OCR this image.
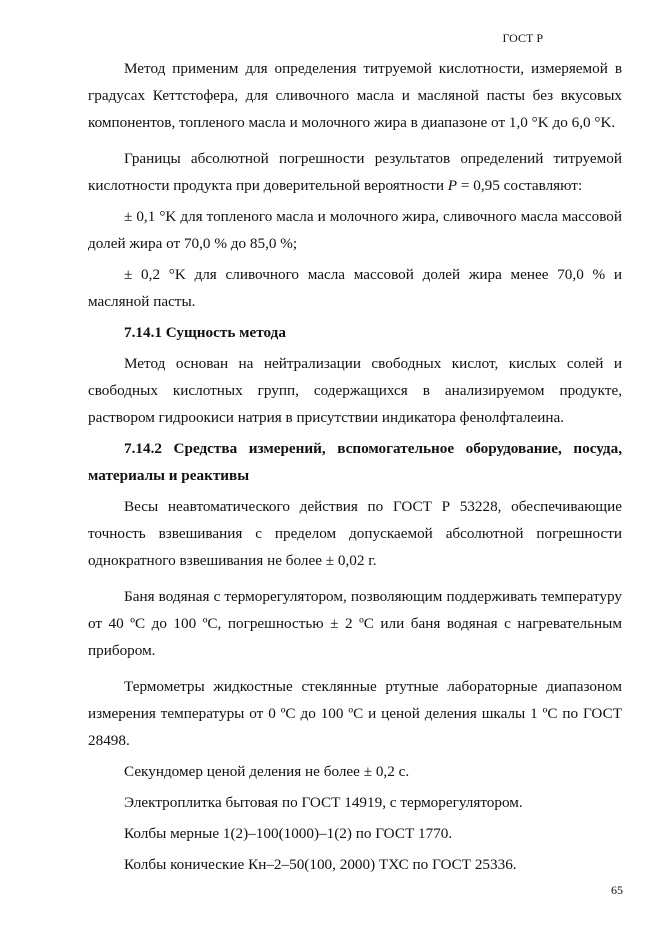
ГОСТ Р

Метод применим для определения титруемой кислотности, измеряемой в градусах Кеттстофера, для сливочного масла и масляной пасты без вкусовых компонентов, топленого масла и молочного жира в диапазоне от 1,0 °K до 6,0 °K.

Границы абсолютной погрешности результатов определений титруемой кислотности продукта при доверительной вероятности P = 0,95 составляют:

± 0,1 °K для топленого масла и молочного жира, сливочного масла массовой долей жира от 70,0 % до 85,0 %;

± 0,2 °K для сливочного масла массовой долей жира менее 70,0 % и масляной пасты.

7.14.1 Сущность метода

Метод основан на нейтрализации свободных кислот, кислых солей и свободных кислотных групп, содержащихся в анализируемом продукте, раствором гидроокиси натрия в присутствии индикатора фенолфталеина.

7.14.2 Средства измерений, вспомогательное оборудование, посуда, материалы и реактивы

Весы неавтоматического действия по ГОСТ Р 53228, обеспечивающие точность взвешивания с пределом допускаемой абсолютной погрешности однократного взвешивания не более ± 0,02 г.

Баня водяная с терморегулятором, позволяющим поддерживать температуру от 40 ºС до 100 ºС, погрешностью ± 2 ºС или баня водяная с нагревательным прибором.

Термометры жидкостные стеклянные ртутные лабораторные диапазоном измерения температуры от 0 ºС до 100 ºС и ценой деления шкалы 1 ºС по ГОСТ 28498.

Секундомер ценой деления не более ± 0,2 с.

Электроплитка бытовая по ГОСТ 14919, с терморегулятором.

Колбы мерные 1(2)–100(1000)–1(2) по ГОСТ 1770.

Колбы конические Кн–2–50(100, 2000) ТХС по ГОСТ 25336.

65
